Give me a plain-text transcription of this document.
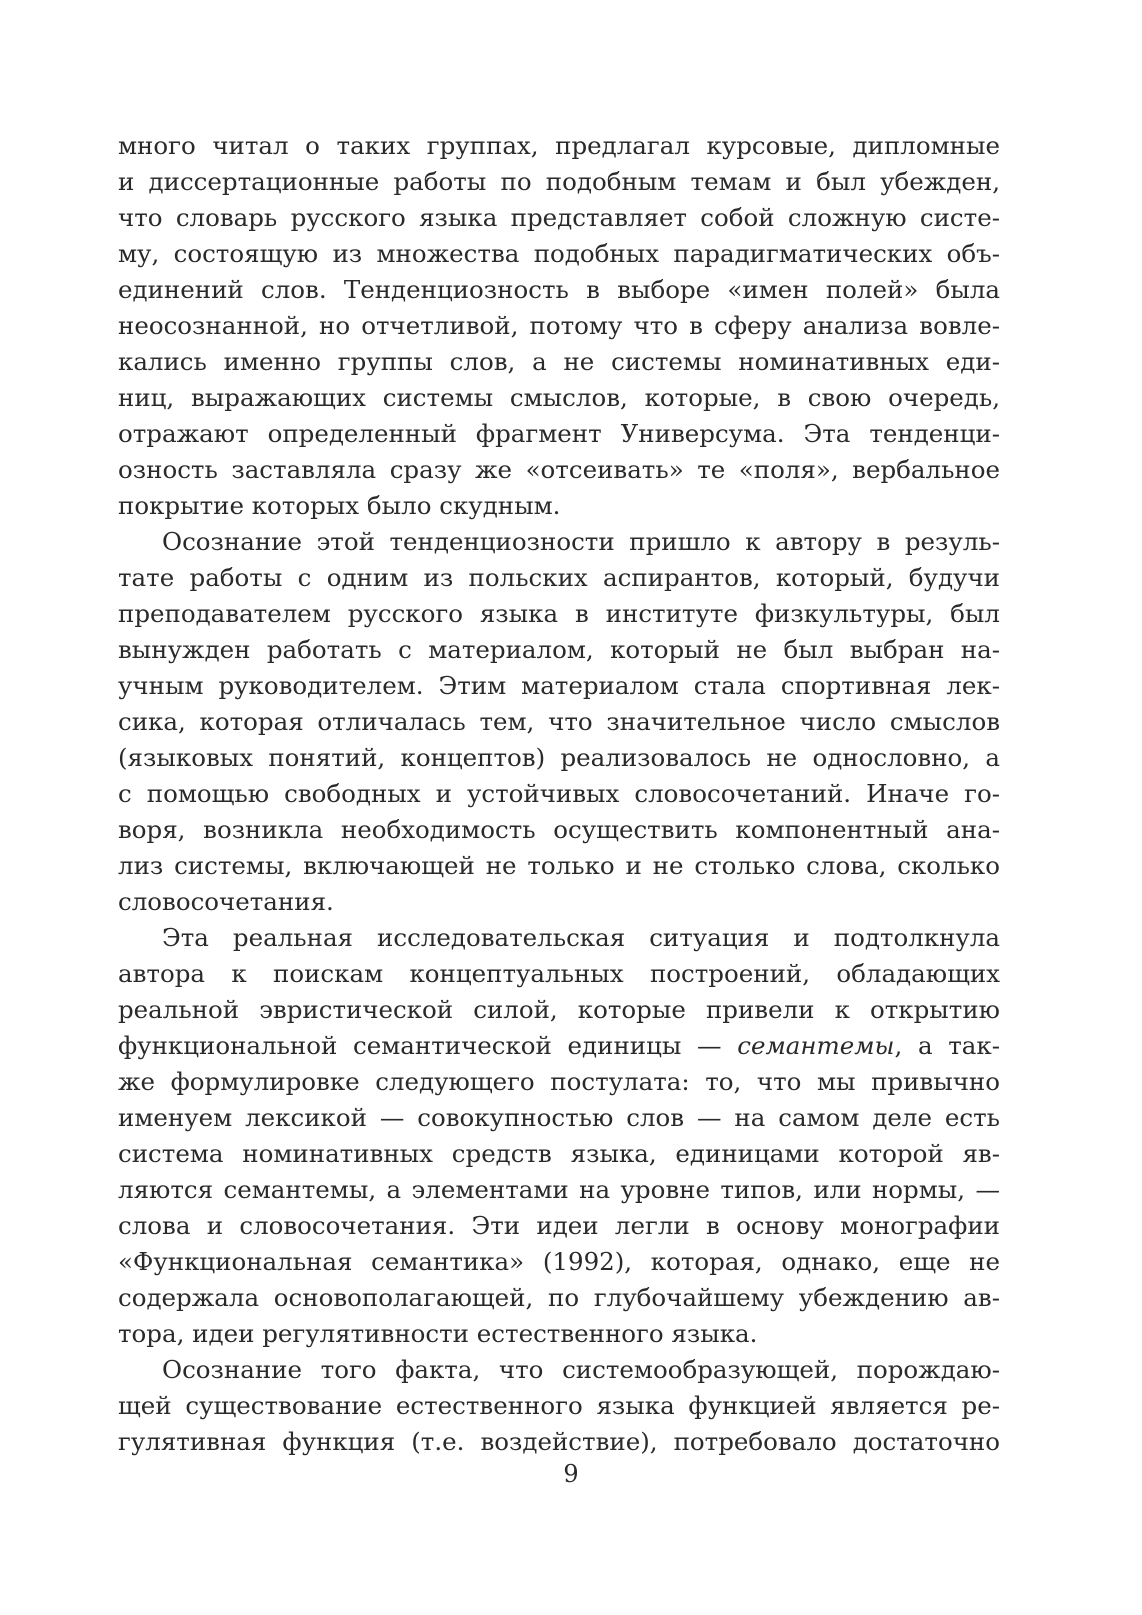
много читал о таких группах, предлагал курсовые, дипломные
и диссертационные работы по подобным темам и был убежден,
что словарь русского языка представляет собой сложную систе-
му, состоящую из множества подобных парадигматических объ-
единений слов. Тенденциозность в выборе «имен полей» была
неосознанной, но отчетливой, потому что в сферу анализа вовле-
кались именно группы слов, а не системы номинативных еди-
ниц, выражающих системы смыслов, которые, в свою очередь,
отражают определенный фрагмент Универсума. Эта тенденци-
озность заставляла сразу же «отсеивать» те «поля», вербальное
покрытие которых было скудным.
Осознание этой тенденциозности пришло к автору в резуль-
тате работы с одним из польских аспирантов, который, будучи
преподавателем русского языка в институте физкультуры, был
вынужден работать с материалом, который не был выбран на-
учным руководителем. Этим материалом стала спортивная лек-
сика, которая отличалась тем, что значительное число смыслов
(языковых понятий, концептов) реализовалось не однословно, а
с помощью свободных и устойчивых словосочетаний. Иначе го-
воря, возникла необходимость осуществить компонентный ана-
лиз системы, включающей не только и не столько слова, сколько
словосочетания.
Эта реальная исследовательская ситуация и подтолкнула
автора к поискам концептуальных построений, обладающих
реальной эвристической силой, которые привели к открытию
функциональной семантической единицы — семантемы, а так-
же формулировке следующего постулата: то, что мы привычно
именуем лексикой — совокупностью слов — на самом деле есть
система номинативных средств языка, единицами которой яв-
ляются семантемы, а элементами на уровне типов, или нормы, —
слова и словосочетания. Эти идеи легли в основу монографии
«Функциональная семантика» (1992), которая, однако, еще не
содержала основополагающей, по глубочайшему убеждению ав-
тора, идеи регулятивности естественного языка.
Осознание того факта, что системообразующей, порождаю-
щей существование естественного языка функцией является ре-
гулятивная функция (т.е. воздействие), потребовало достаточно
9
